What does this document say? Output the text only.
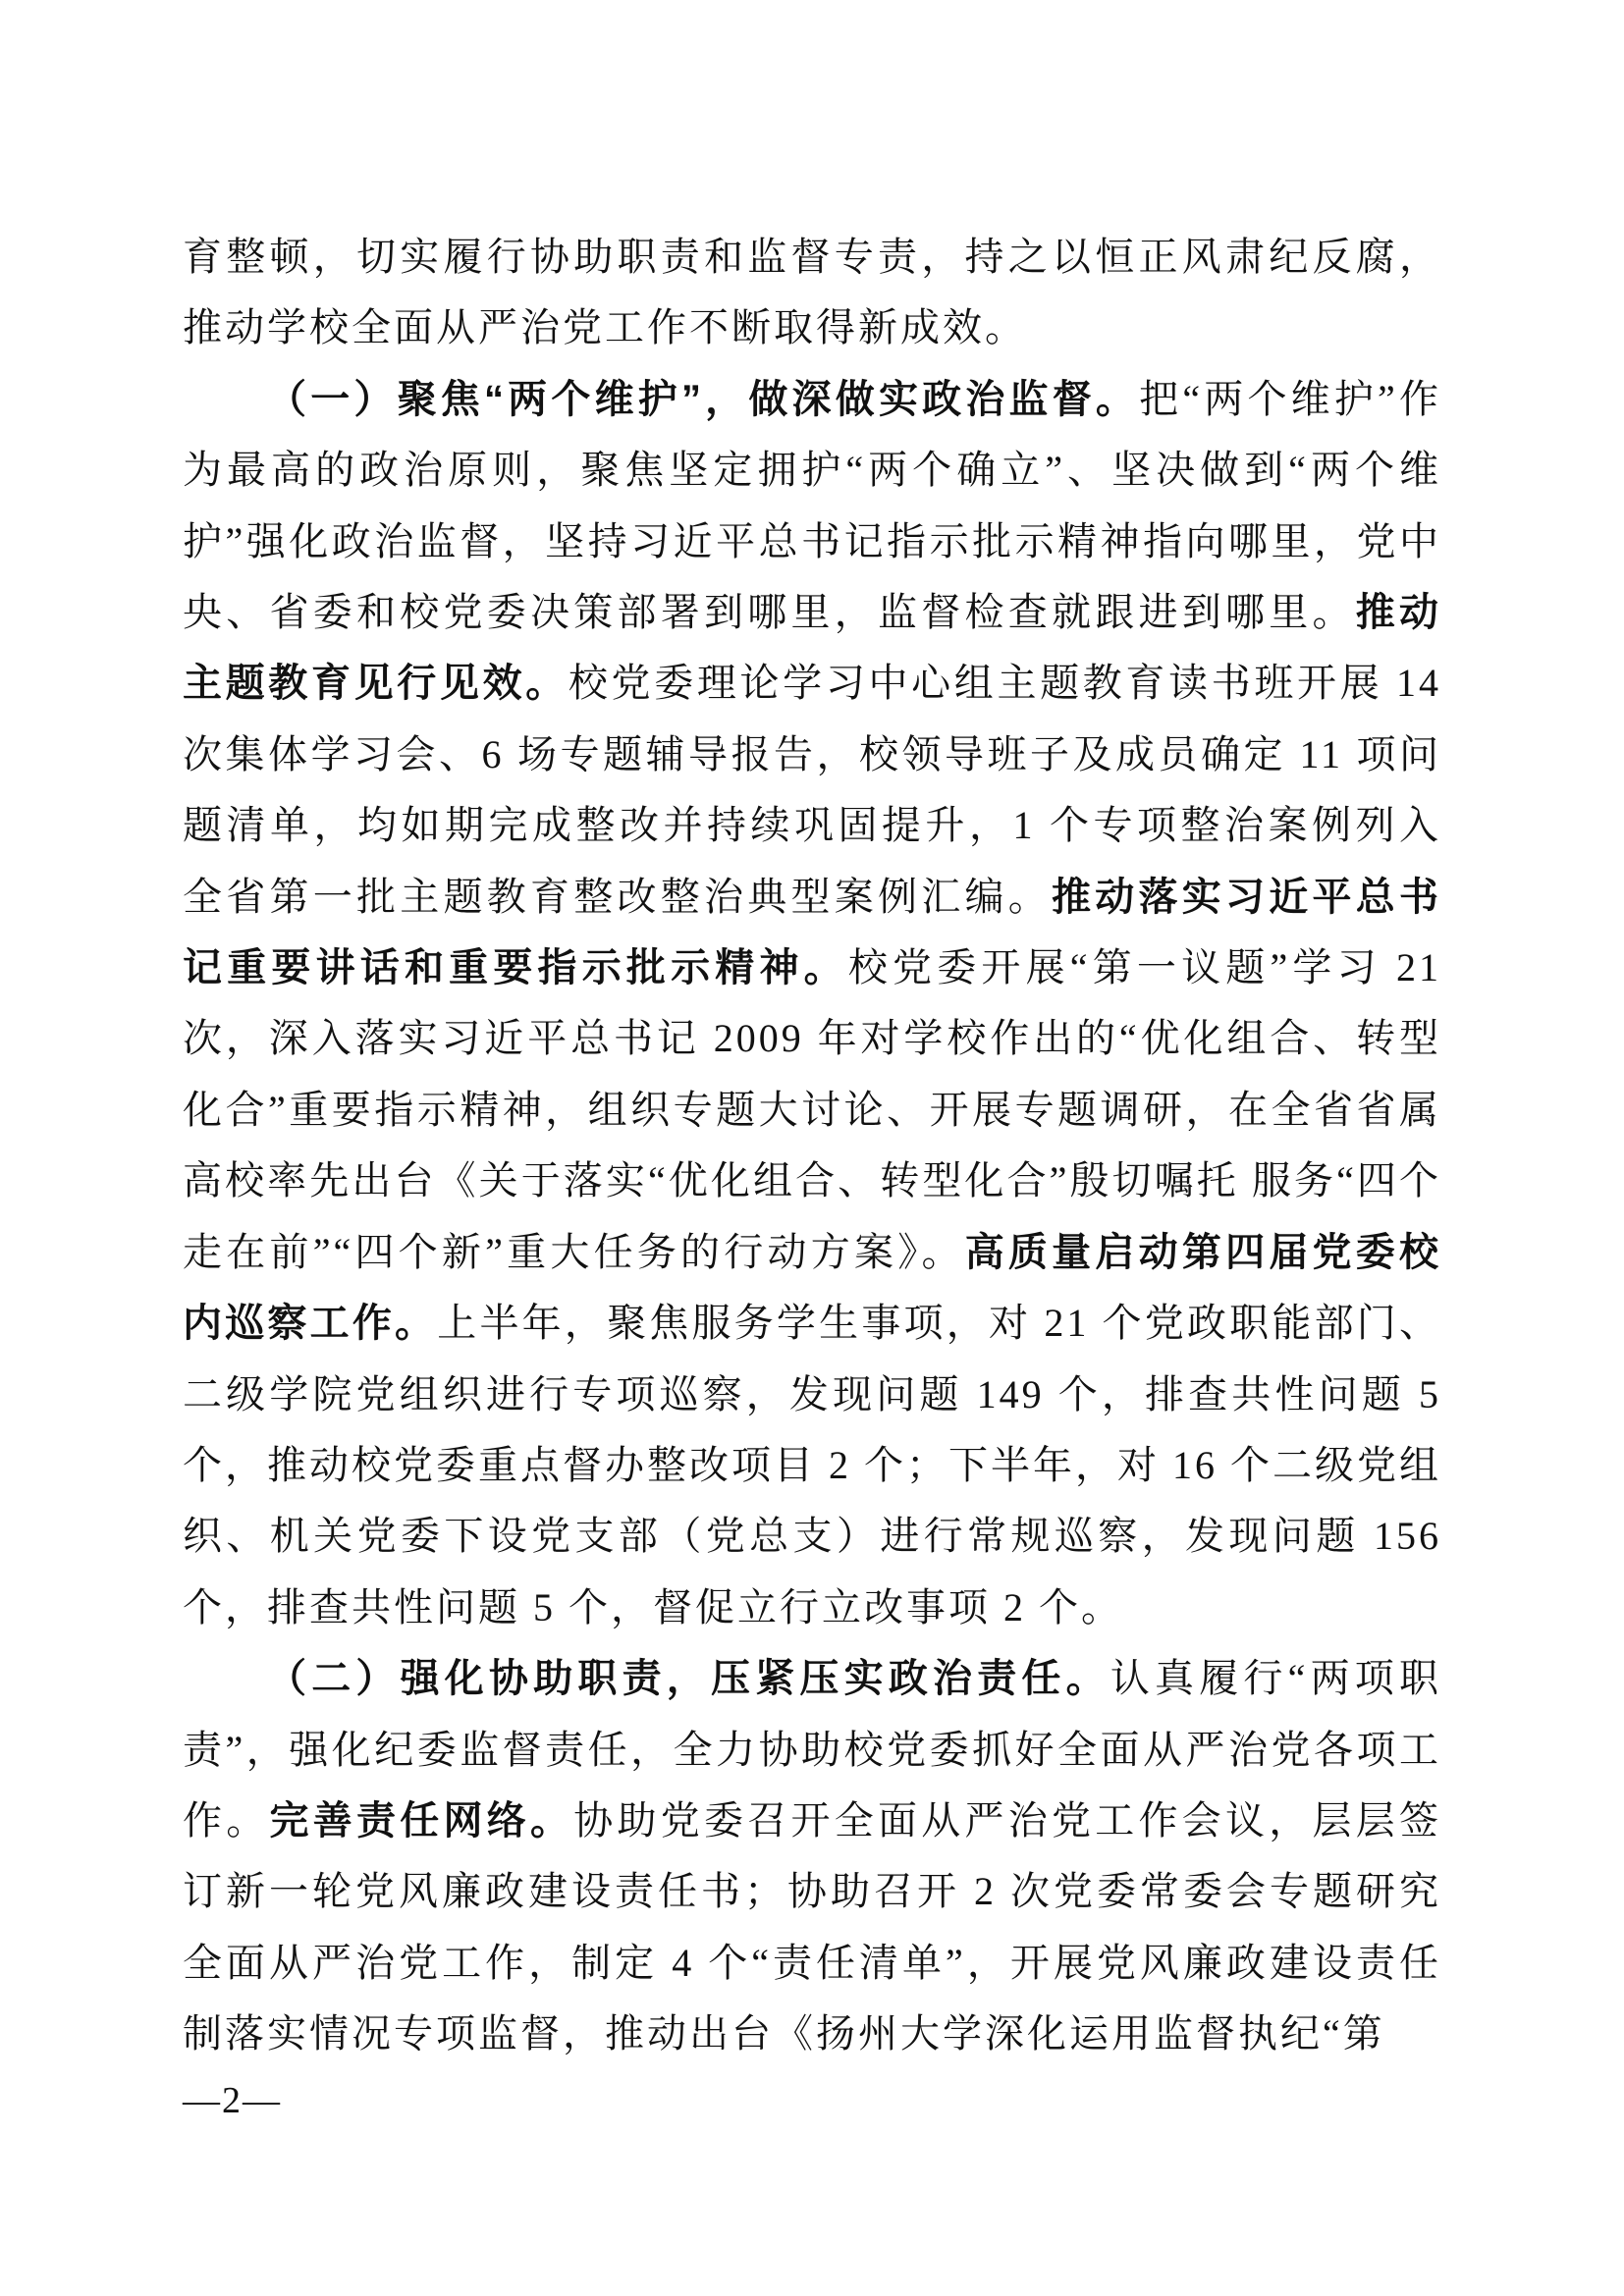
育整顿，切实履行协助职责和监督专责，持之以恒正风肃纪反腐，推动学校全面从严治党工作不断取得新成效。

（一）聚焦“两个维护”，做深做实政治监督。把“两个维护”作为最高的政治原则，聚焦坚定拥护“两个确立”、坚决做到“两个维护”强化政治监督，坚持习近平总书记指示批示精神指向哪里，党中央、省委和校党委决策部署到哪里，监督检查就跟进到哪里。推动主题教育见行见效。校党委理论学习中心组主题教育读书班开展 14 次集体学习会、6 场专题辅导报告，校领导班子及成员确定 11 项问题清单，均如期完成整改并持续巩固提升，1 个专项整治案例列入全省第一批主题教育整改整治典型案例汇编。推动落实习近平总书记重要讲话和重要指示批示精神。校党委开展“第一议题”学习 21 次，深入落实习近平总书记 2009 年对学校作出的“优化组合、转型化合”重要指示精神，组织专题大讨论、开展专题调研，在全省省属高校率先出台《关于落实“优化组合、转型化合”殷切嘱托 服务“四个走在前”“四个新”重大任务的行动方案》。高质量启动第四届党委校内巡察工作。上半年，聚焦服务学生事项，对 21 个党政职能部门、二级学院党组织进行专项巡察，发现问题 149 个，排查共性问题 5 个，推动校党委重点督办整改项目 2 个；下半年，对 16 个二级党组织、机关党委下设党支部（党总支）进行常规巡察，发现问题 156 个，排查共性问题 5 个，督促立行立改事项 2 个。

（二）强化协助职责，压紧压实政治责任。认真履行“两项职责”，强化纪委监督责任，全力协助校党委抓好全面从严治党各项工作。完善责任网络。协助党委召开全面从严治党工作会议，层层签订新一轮党风廉政建设责任书；协助召开 2 次党委常委会专题研究全面从严治党工作，制定 4 个“责任清单”，开展党风廉政建设责任制落实情况专项监督，推动出台《扬州大学深化运用监督执纪“第

—2—
